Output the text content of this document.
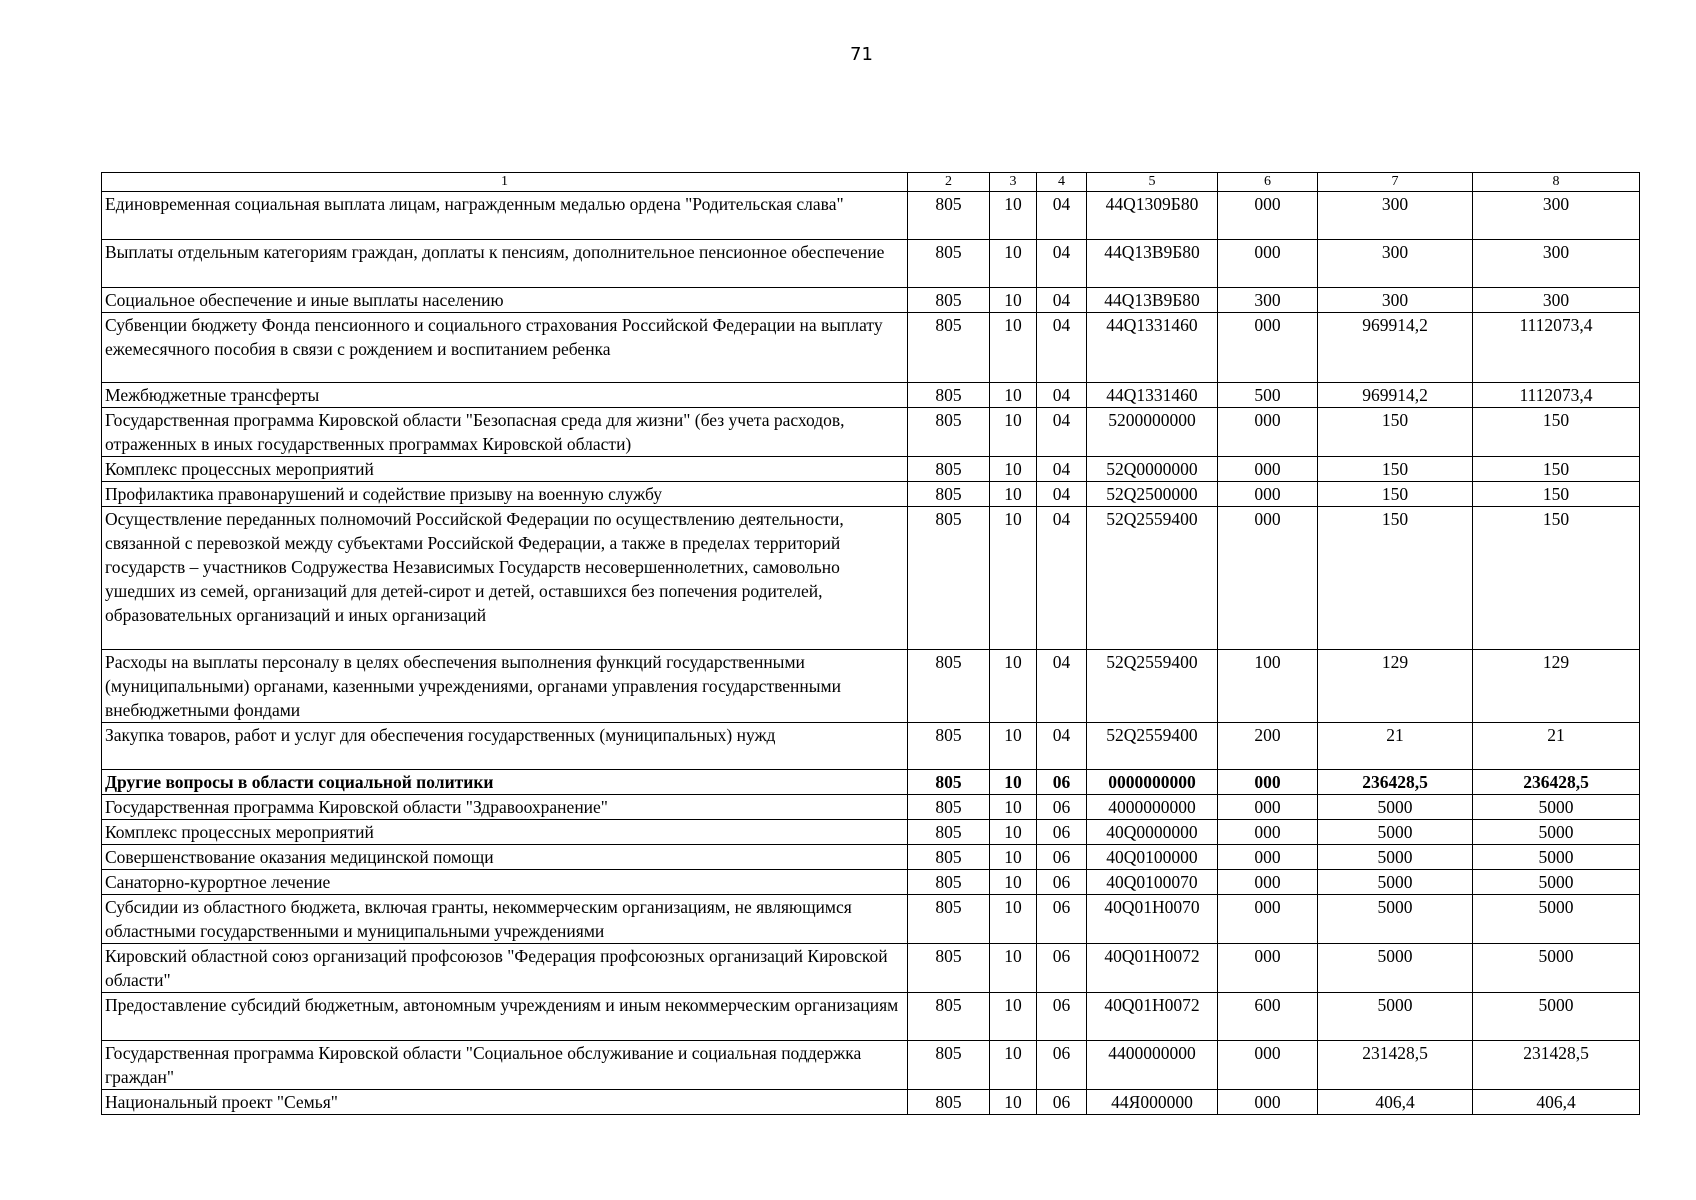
71
1	2	3	4	5	6	7	8
Единовременная социальная выплата лицам, награжденным медалью ордена "Родительская слава"	805	10	04	44Q1309Б80	000	300	300
Выплаты отдельным категориям граждан, доплаты к пенсиям, дополнительное пенсионное обеспечение	805	10	04	44Q13В9Б80	000	300	300
Социальное обеспечение и иные выплаты населению	805	10	04	44Q13В9Б80	300	300	300
Субвенции бюджету Фонда пенсионного и социального страхования Российской Федерации на выплату ежемесячного пособия в связи с рождением и воспитанием ребенка	805	10	04	44Q1331460	000	969914,2	1112073,4
Межбюджетные трансферты	805	10	04	44Q1331460	500	969914,2	1112073,4
Государственная программа Кировской области "Безопасная среда для жизни" (без учета расходов, отраженных в иных государственных программах Кировской области)	805	10	04	5200000000	000	150	150
Комплекс процессных мероприятий	805	10	04	52Q0000000	000	150	150
Профилактика правонарушений и содействие призыву на военную службу	805	10	04	52Q2500000	000	150	150
Осуществление переданных полномочий Российской Федерации по осуществлению деятельности, связанной с перевозкой между субъектами Российской Федерации, а также в пределах территорий государств – участников Содружества Независимых Государств несовершеннолетних, самовольно ушедших из семей, организаций для детей-сирот и детей, оставшихся без попечения родителей, образовательных организаций и иных организаций	805	10	04	52Q2559400	000	150	150
Расходы на выплаты персоналу в целях обеспечения выполнения функций государственными (муниципальными) органами, казенными учреждениями, органами управления государственными внебюджетными фондами	805	10	04	52Q2559400	100	129	129
Закупка товаров, работ и услуг для обеспечения государственных (муниципальных) нужд	805	10	04	52Q2559400	200	21	21
Другие вопросы в области социальной политики	805	10	06	0000000000	000	236428,5	236428,5
Государственная программа Кировской области "Здравоохранение"	805	10	06	4000000000	000	5000	5000
Комплекс процессных мероприятий	805	10	06	40Q0000000	000	5000	5000
Совершенствование оказания медицинской помощи	805	10	06	40Q0100000	000	5000	5000
Санаторно-курортное лечение	805	10	06	40Q0100070	000	5000	5000
Субсидии из областного бюджета, включая гранты, некоммерческим организациям, не являющимся областными государственными и муниципальными учреждениями	805	10	06	40Q01H0070	000	5000	5000
Кировский областной союз организаций профсоюзов "Федерация профсоюзных организаций Кировской области"	805	10	06	40Q01H0072	000	5000	5000
Предоставление субсидий бюджетным, автономным учреждениям и иным некоммерческим организациям	805	10	06	40Q01H0072	600	5000	5000
Государственная программа Кировской области "Социальное обслуживание и социальная поддержка граждан"	805	10	06	4400000000	000	231428,5	231428,5
Национальный проект "Семья"	805	10	06	44Я000000	000	406,4	406,4
